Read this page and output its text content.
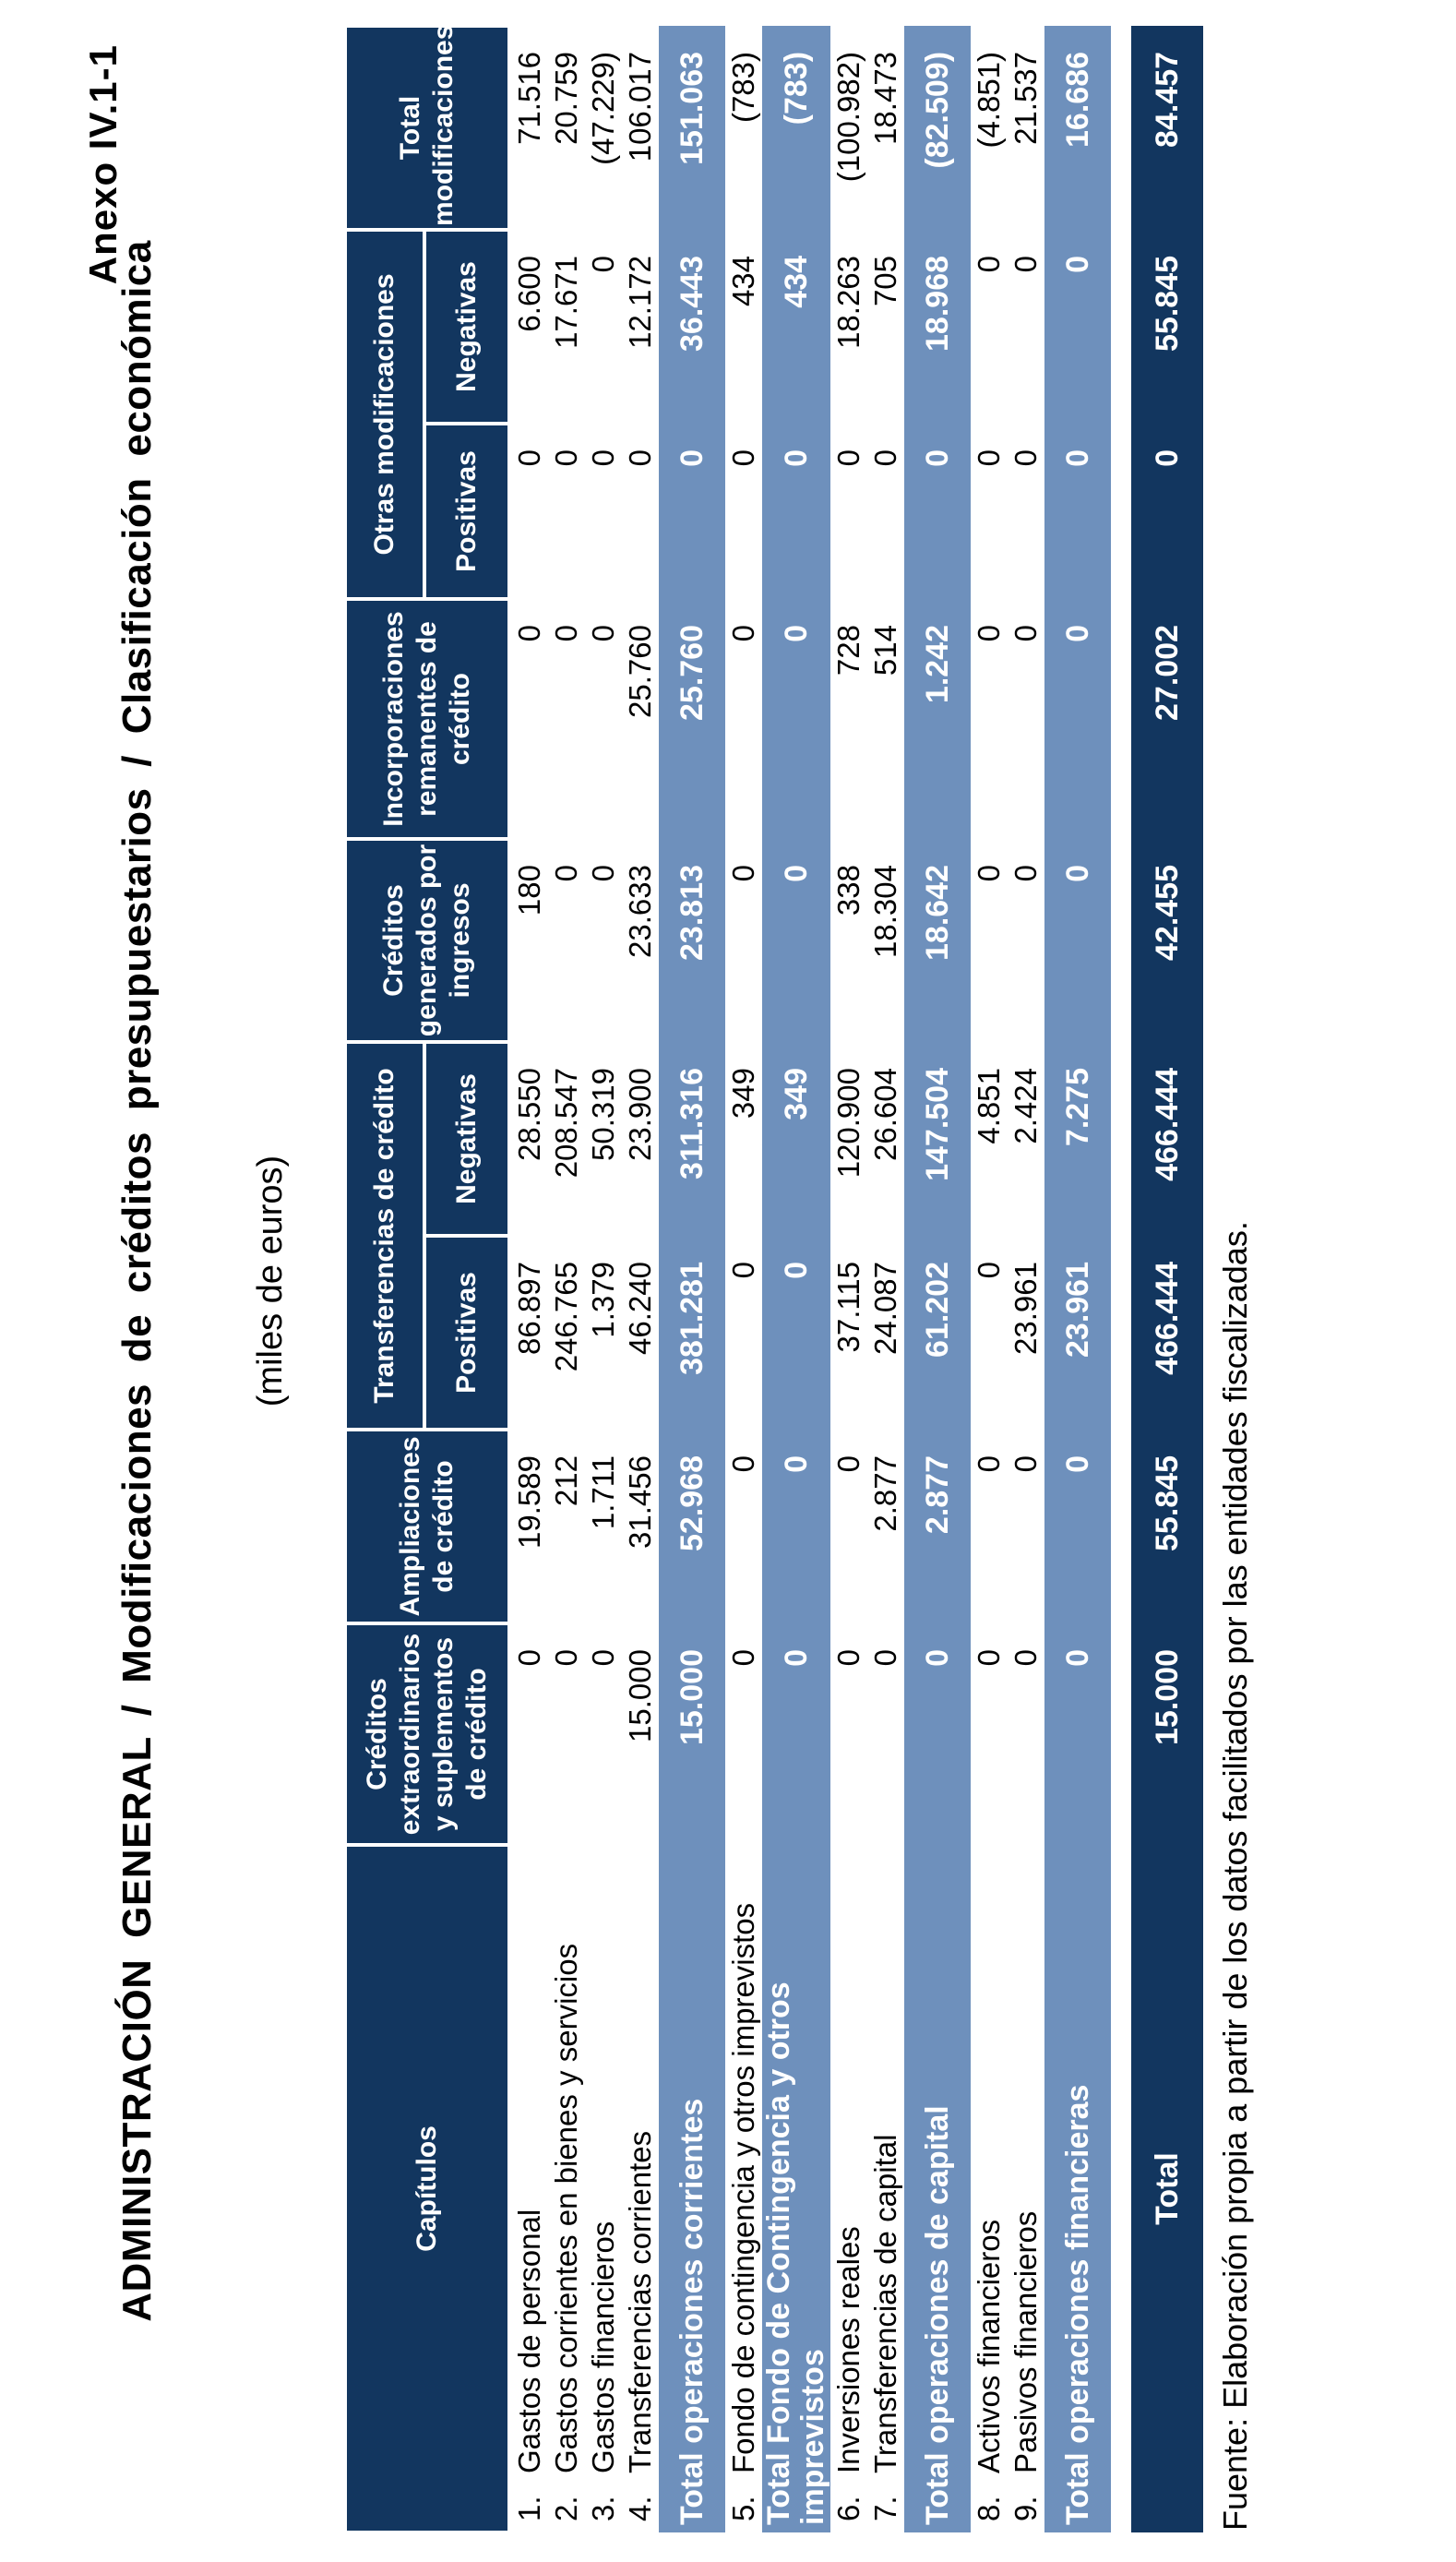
Anexo IV.1-1
ADMINISTRACIÓN GENERAL / Modificaciones de créditos presupuestarios / Clasificación económica	(miles de euros)
Capítulos	Créditos extraordinarios y suplementos de crédito	Ampliaciones de crédito	Transferencias de crédito		Créditos generados por ingresos	Incorporaciones remanentes de crédito	Otras modificaciones		Total modificaciones
			Positivas	Negativas			Positivas	Negativas	
1.Gastos de personal	0	19.589	86.897	28.550	180	0	0	6.600	71.516
2.Gastos corrientes en bienes y servicios	0	212	246.765	208.547	0	0	0	17.671	20.759
3.Gastos financieros	0	1.711	1.379	50.319	0	0	0	0	(47.229)
4.Transferencias corrientes	15.000	31.456	46.240	23.900	23.633	25.760	0	12.172	106.017
Total operaciones corrientes	15.000	52.968	381.281	311.316	23.813	25.760	0	36.443	151.063
5.Fondo de contingencia y otros imprevistos	0	0	0	349	0	0	0	434	(783)
Total Fondo de Contingencia y otros imprevistos	0	0	0	349	0	0	0	434	(783)
6.Inversiones reales	0	0	37.115	120.900	338	728	0	18.263	(100.982)
7.Transferencias de capital	0	2.877	24.087	26.604	18.304	514	0	705	18.473
Total operaciones de capital	0	2.877	61.202	147.504	18.642	1.242	0	18.968	(82.509)
8.Activos financieros	0	0	0	4.851	0	0	0	0	(4.851)
9.Pasivos financieros	0	0	23.961	2.424	0	0	0	0	21.537
Total operaciones financieras	0	0	23.961	7.275	0	0	0	0	16.686

Total	15.000	55.845	466.444	466.444	42.455	27.002	0	55.845	84.457
Fuente: Elaboración propia a partir de los datos facilitados por las entidades fiscalizadas.
